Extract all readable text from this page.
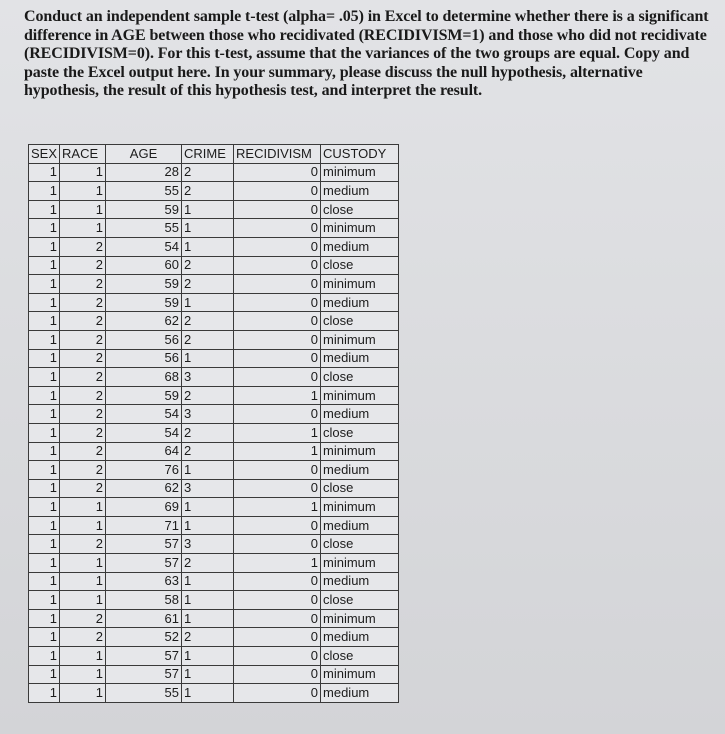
Conduct an independent sample t-test (alpha= .05) in Excel to determine whether there is a significant difference in AGE between those who recidivated (RECIDIVISM=1) and those who did not recidivate (RECIDIVISM=0). For this t-test, assume that the variances of the two groups are equal. Copy and paste the Excel output here. In your summary, please discuss the null hypothesis, alternative hypothesis, the result of this hypothesis test, and interpret the result.

SEX	RACE	AGE	CRIME	RECIDIVISM	CUSTODY
1	1	28	2	0	minimum
1	1	55	2	0	medium
1	1	59	1	0	close
1	1	55	1	0	minimum
1	2	54	1	0	medium
1	2	60	2	0	close
1	2	59	2	0	minimum
1	2	59	1	0	medium
1	2	62	2	0	close
1	2	56	2	0	minimum
1	2	56	1	0	medium
1	2	68	3	0	close
1	2	59	2	1	minimum
1	2	54	3	0	medium
1	2	54	2	1	close
1	2	64	2	1	minimum
1	2	76	1	0	medium
1	2	62	3	0	close
1	1	69	1	1	minimum
1	1	71	1	0	medium
1	2	57	3	0	close
1	1	57	2	1	minimum
1	1	63	1	0	medium
1	1	58	1	0	close
1	2	61	1	0	minimum
1	2	52	2	0	medium
1	1	57	1	0	close
1	1	57	1	0	minimum
1	1	55	1	0	medium
